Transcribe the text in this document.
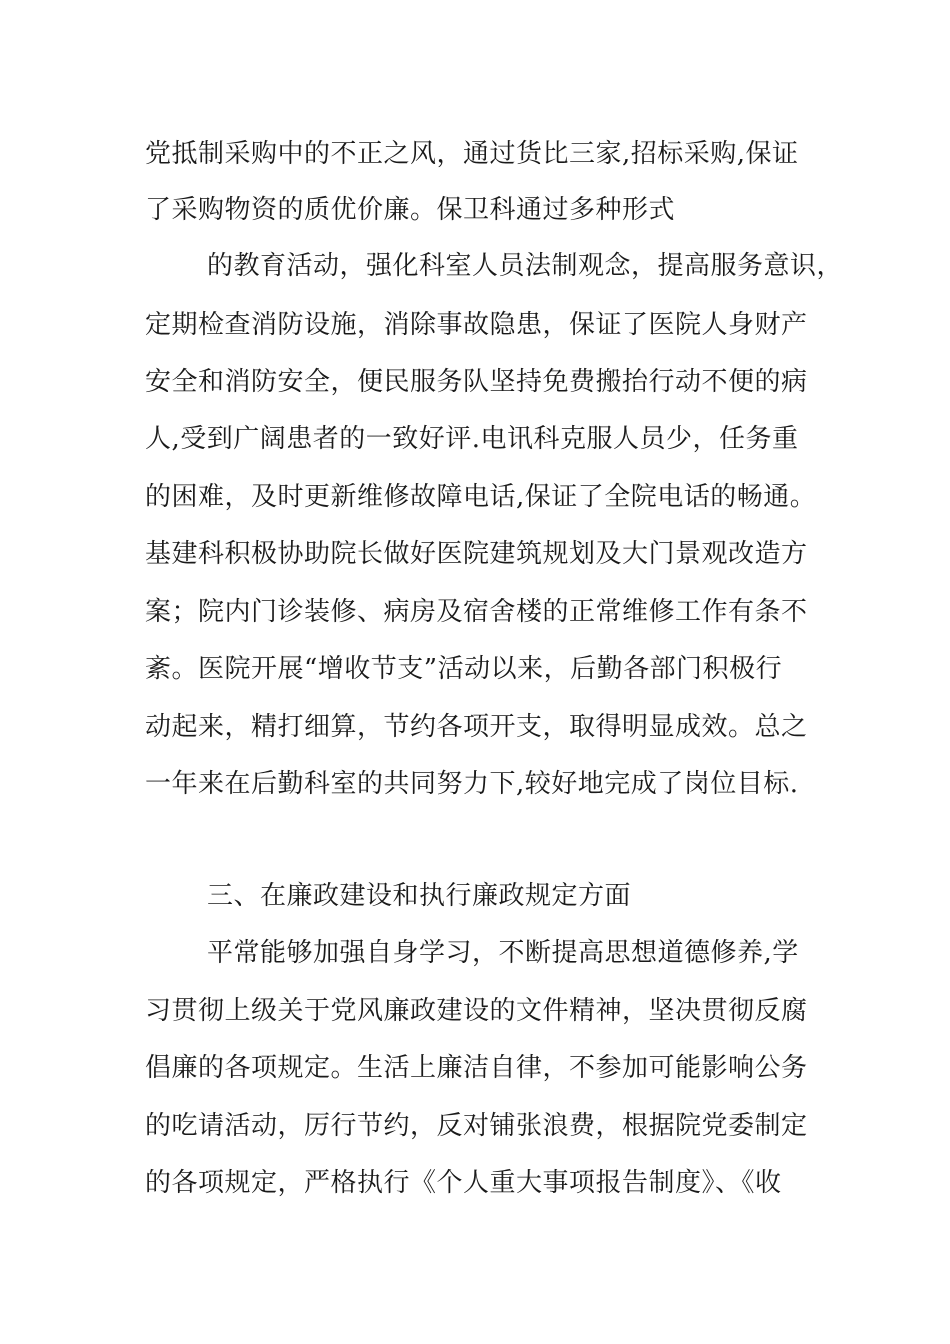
党抵制采购中的不正之风，通过货比三家,招标采购,保证
了采购物资的质优价廉。保卫科通过多种形式
的教育活动，强化科室人员法制观念，提高服务意识，
定期检查消防设施，消除事故隐患，保证了医院人身财产
安全和消防安全，便民服务队坚持免费搬抬行动不便的病
人,受到广阔患者的一致好评.电讯科克服人员少，任务重
的困难，及时更新维修故障电话,保证了全院电话的畅通。
基建科积极协助院长做好医院建筑规划及大门景观改造方
案；院内门诊装修、病房及宿舍楼的正常维修工作有条不
紊。医院开展“增收节支”活动以来，后勤各部门积极行
动起来，精打细算，节约各项开支，取得明显成效。总之
一年来在后勤科室的共同努力下,较好地完成了岗位目标.
三、在廉政建设和执行廉政规定方面
平常能够加强自身学习，不断提高思想道德修养,学
习贯彻上级关于党风廉政建设的文件精神，坚决贯彻反腐
倡廉的各项规定。生活上廉洁自律，不参加可能影响公务
的吃请活动，厉行节约，反对铺张浪费，根据院党委制定
的各项规定，严格执行《个人重大事项报告制度》、《收
